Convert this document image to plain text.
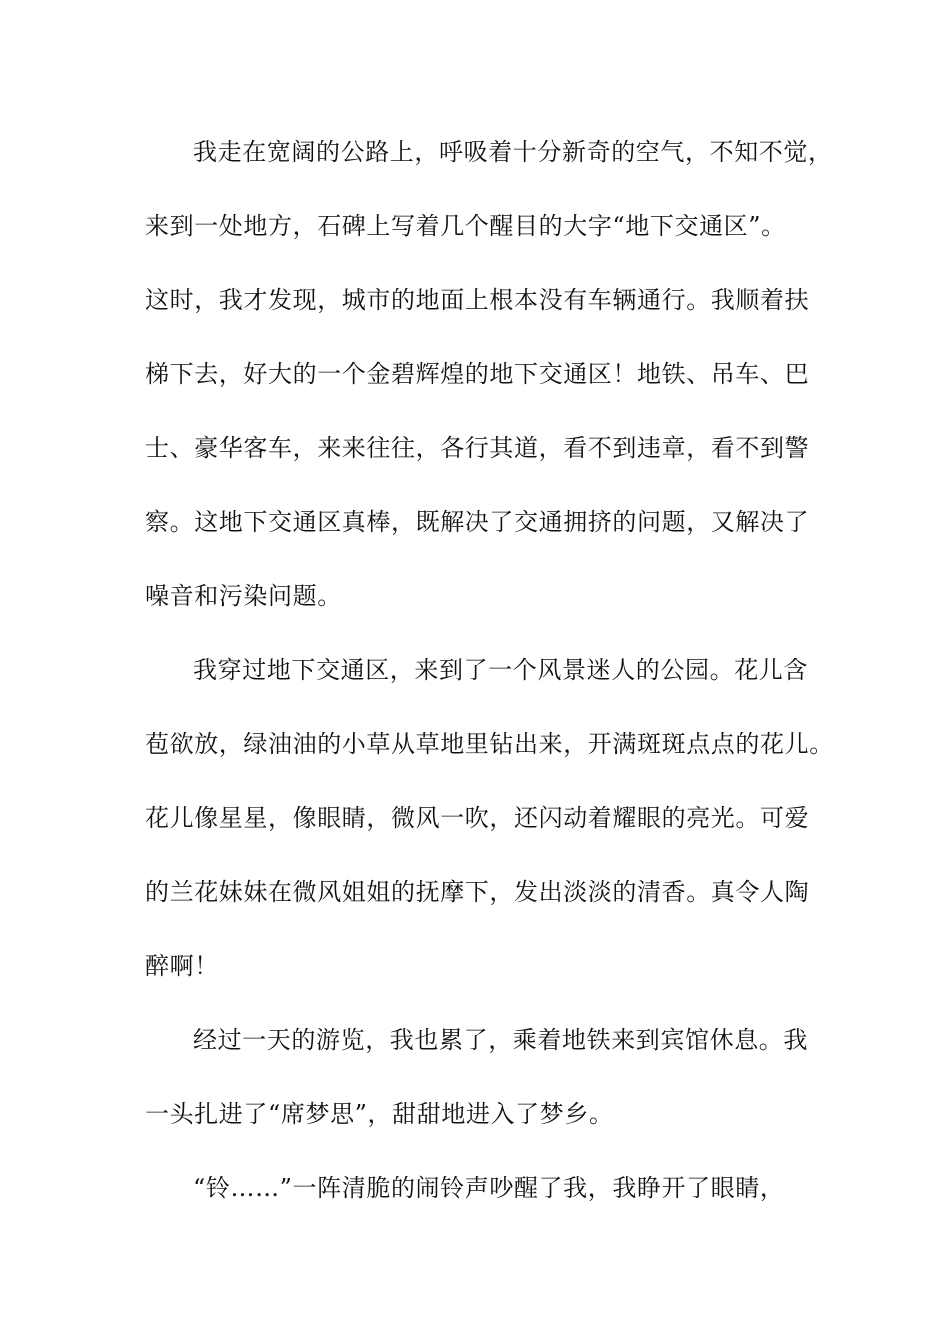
我走在宽阔的公路上，呼吸着十分新奇的空气，不知不觉，
来到一处地方，石碑上写着几个醒目的大字“地下交通区”。
这时，我才发现，城市的地面上根本没有车辆通行。我顺着扶
梯下去，好大的一个金碧辉煌的地下交通区！地铁、吊车、巴
士、豪华客车，来来往往，各行其道，看不到违章，看不到警
察。这地下交通区真棒，既解决了交通拥挤的问题，又解决了
噪音和污染问题。
我穿过地下交通区，来到了一个风景迷人的公园。花儿含
苞欲放，绿油油的小草从草地里钻出来，开满斑斑点点的花儿。
花儿像星星，像眼睛，微风一吹，还闪动着耀眼的亮光。可爱
的兰花妹妹在微风姐姐的抚摩下，发出淡淡的清香。真令人陶
醉啊！
经过一天的游览，我也累了，乘着地铁来到宾馆休息。我
一头扎进了“席梦思”，甜甜地进入了梦乡。
“铃……”一阵清脆的闹铃声吵醒了我，我睁开了眼睛，
